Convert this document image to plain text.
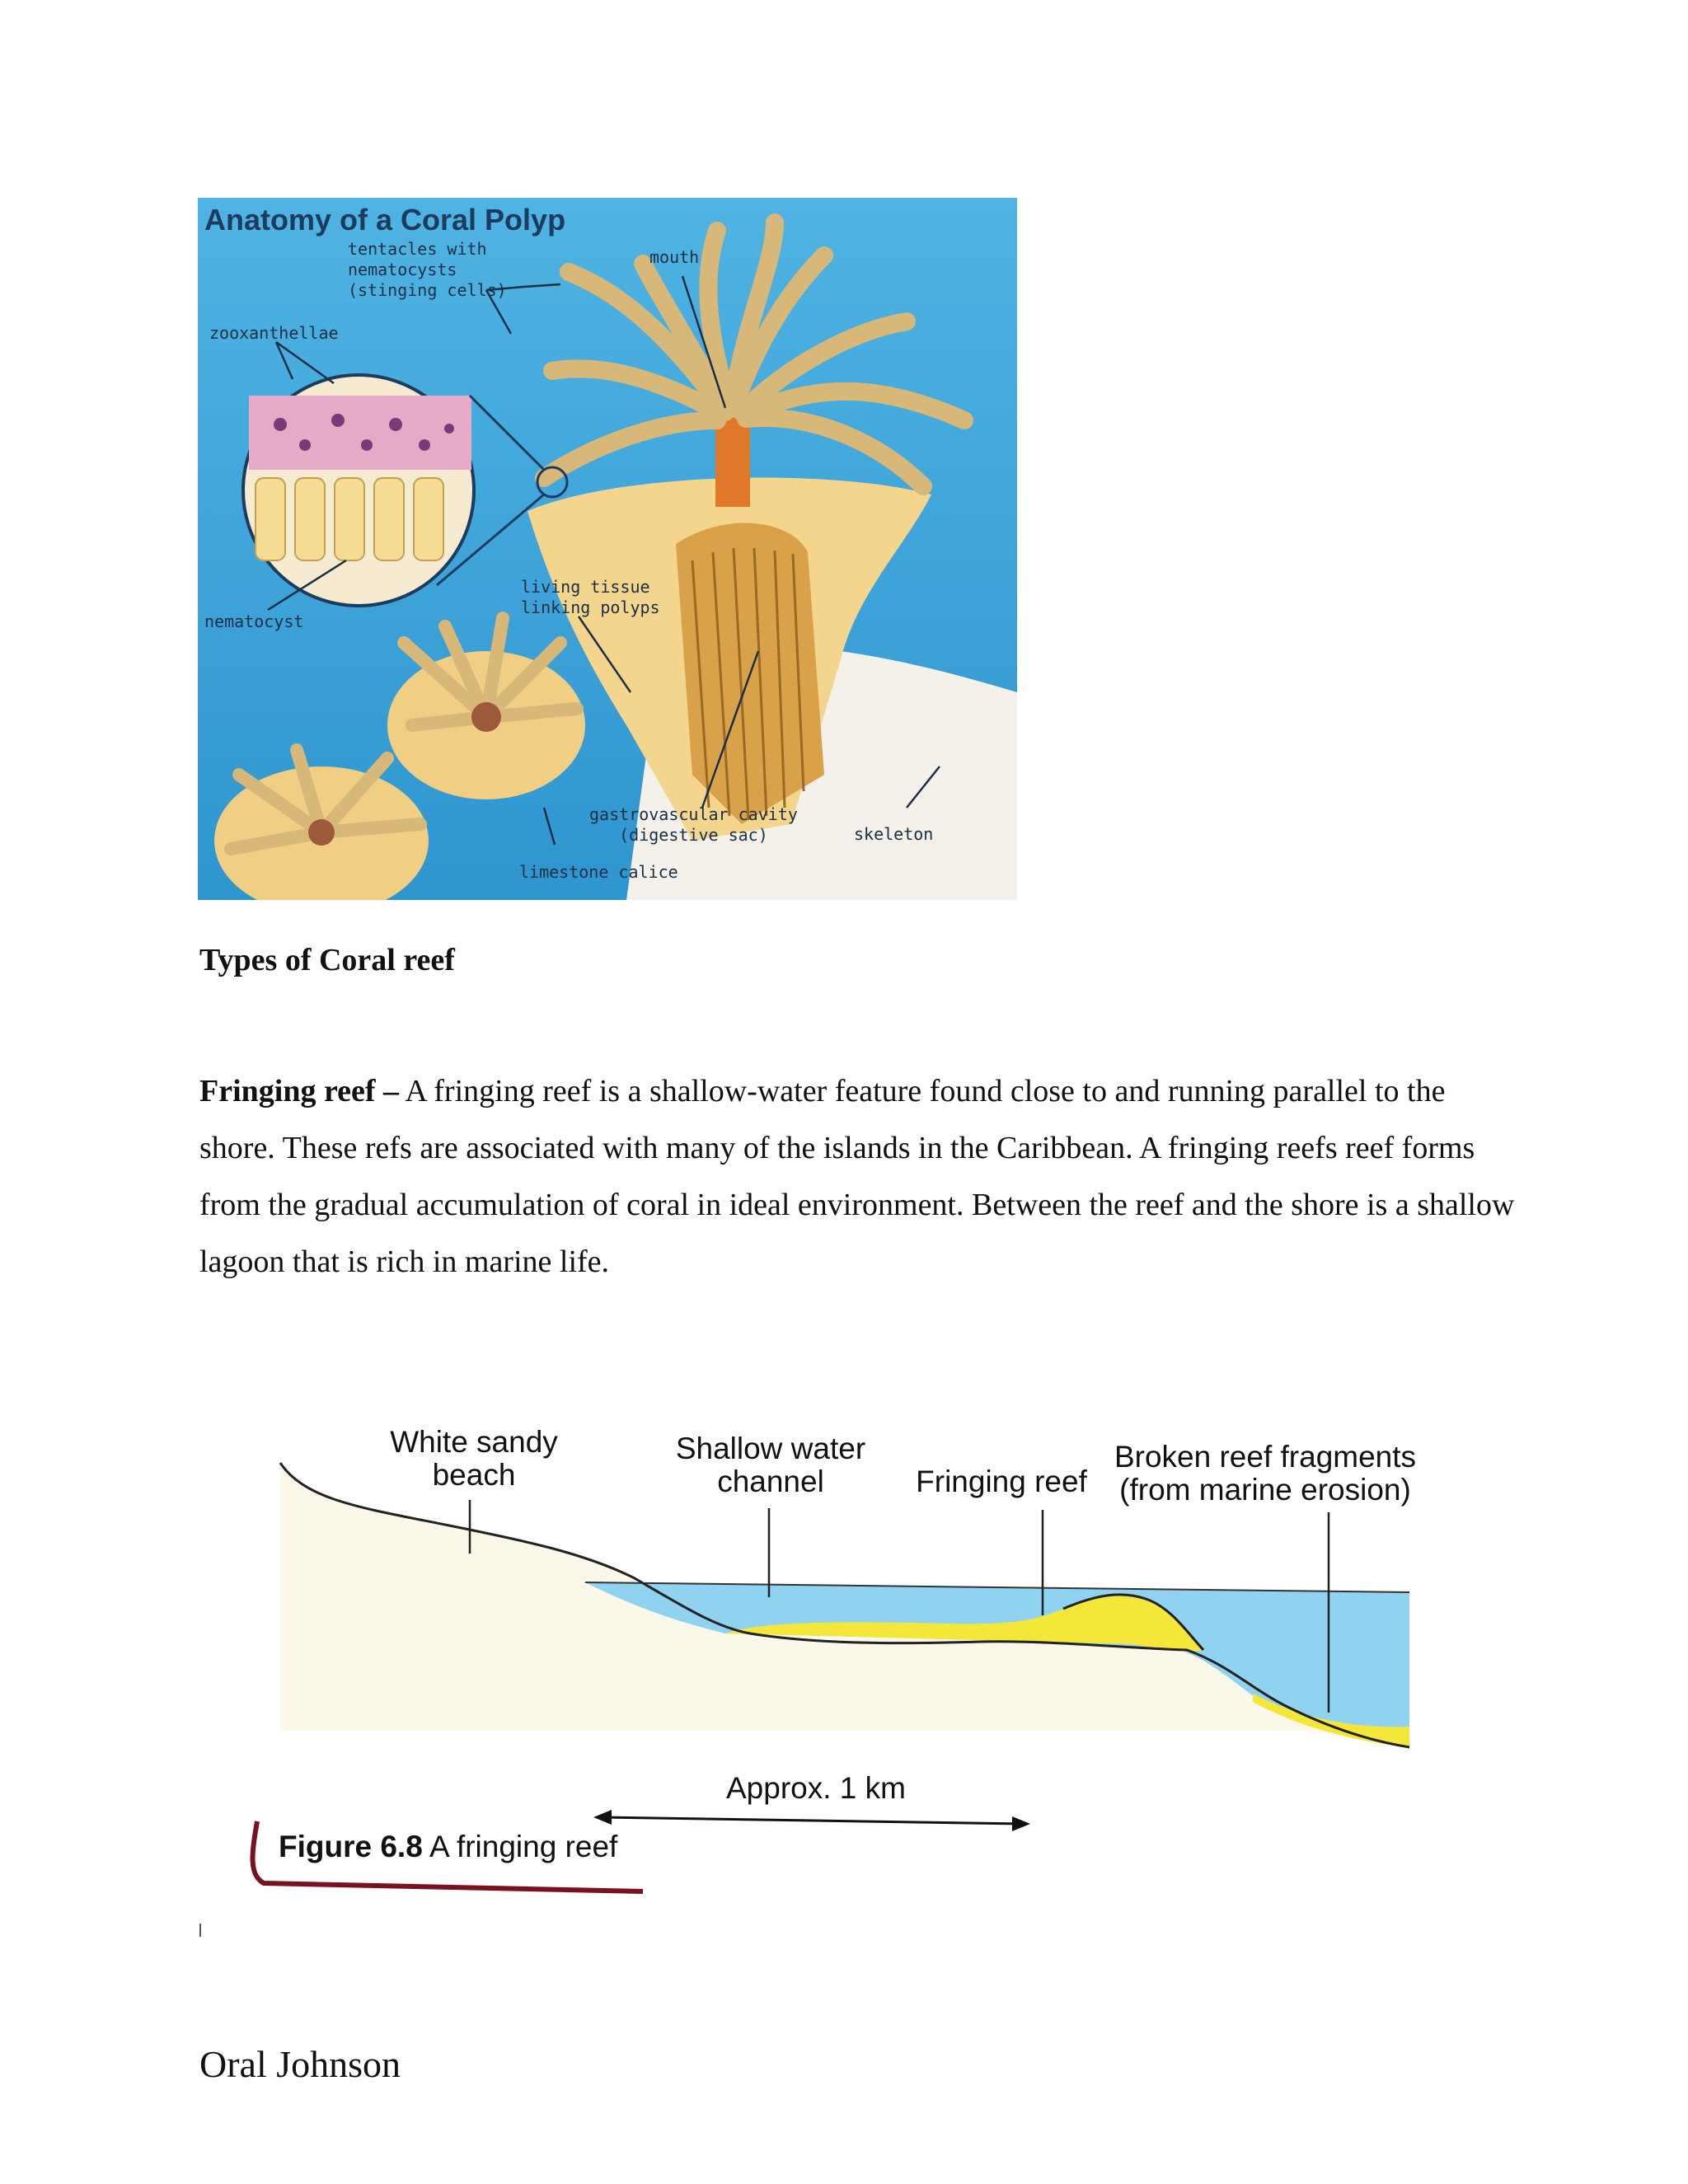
Anatomy of a Coral Polyp
tentacles with
nematocysts
(stinging cells)
mouth
zooxanthellae
nematocyst
living tissue
linking polyps
gastrovascular cavity
(digestive sac)	skeleton
limestone calice
Types of Coral reef
Fringing reef – A fringing reef is a shallow-water feature found close to and running parallel to the shore. These refs are associated with many of the islands in the Caribbean. A fringing reefs reef forms from the gradual accumulation of coral in ideal environment. Between the reef and the shore is a shallow lagoon that is rich in marine life.
White sandy
beach
Shallow water
channel	Fringing reef
Broken reef fragments
(from marine erosion)
Approx. 1 km
Figure 6.8 A fringing reef
Oral Johnson
